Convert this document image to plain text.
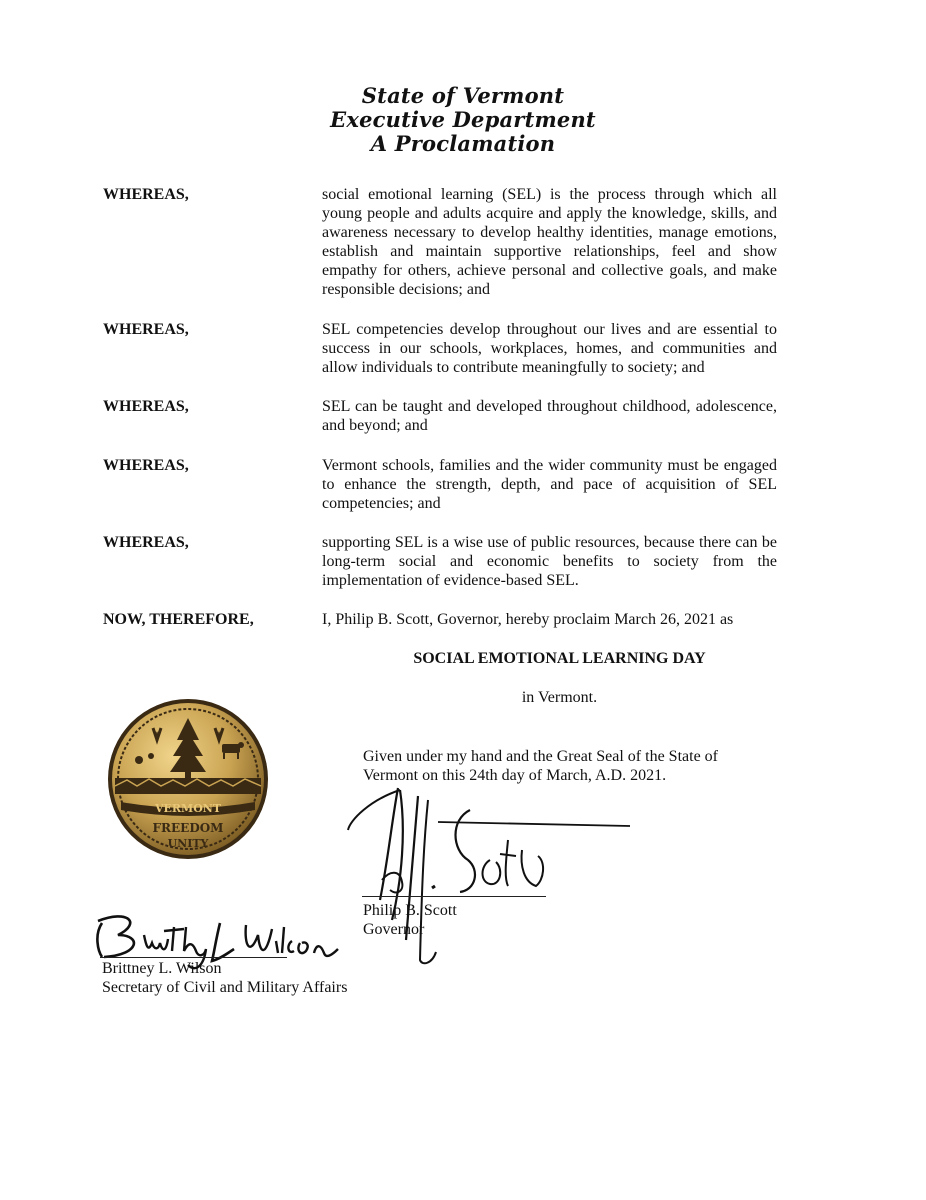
State of Vermont
Executive Department
A Proclamation
WHEREAS,	social emotional learning (SEL) is the process through which all young people and adults acquire and apply the knowledge, skills, and awareness necessary to develop healthy identities, manage emotions, establish and maintain supportive relationships, feel and show empathy for others, achieve personal and collective goals, and make responsible decisions; and
WHEREAS,	SEL competencies develop throughout our lives and are essential to success in our schools, workplaces, homes, and communities and allow individuals to contribute meaningfully to society; and
WHEREAS,	SEL can be taught and developed throughout childhood, adolescence, and beyond; and
WHEREAS,	Vermont schools, families and the wider community must be engaged to enhance the strength, depth, and pace of acquisition of SEL competencies; and
WHEREAS,	supporting SEL is a wise use of public resources, because there can be long-term social and economic benefits to society from the implementation of evidence-based SEL.
NOW, THEREFORE,	I, Philip B. Scott, Governor, hereby proclaim March 26, 2021 as
SOCIAL EMOTIONAL LEARNING DAY
in Vermont.
VERMONT
FREEDOM
UNITY
Given under my hand and the Great Seal of the State of
Vermont on this 24th day of March, A.D. 2021.
Philip B. Scott
Governor
Brittney L. Wilson
Secretary of Civil and Military Affairs
